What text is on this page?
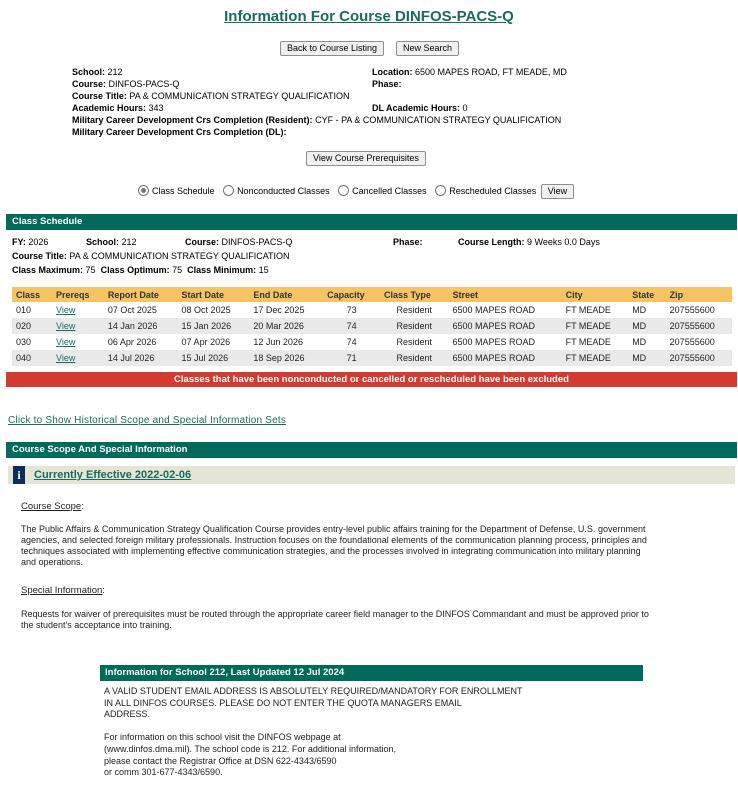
Information For Course DINFOS-PACS-Q
Back to Course Listing	New Search
School: 212	Location: 6500 MAPES ROAD, FT MEADE, MD
Course: DINFOS-PACS-Q	Phase:
Course Title: PA & COMMUNICATION STRATEGY QUALIFICATION
Academic Hours: 343	DL Academic Hours: 0
Military Career Development Crs Completion (Resident): CYF - PA & COMMUNICATION STRATEGY QUALIFICATION
Military Career Development Crs Completion (DL):
View Course Prerequisites
Class Schedule	Nonconducted Classes	Cancelled Classes	Rescheduled Classes View
Class Schedule
FY: 2026	School: 212	Course: DINFOS-PACS-Q	Phase:	Course Length: 9 Weeks 0.0 Days
Course Title: PA & COMMUNICATION STRATEGY QUALIFICATION
Class Maximum: 75 Class Optimum: 75 Class Minimum: 15
Class	Prereqs	Report Date	Start Date	End Date	Capacity	Class Type	Street	City	State	Zip
010	View	07 Oct 2025	08 Oct 2025	17 Dec 2025	73	Resident	6500 MAPES ROAD	FT MEADE	MD	207555600
020	View	14 Jan 2026	15 Jan 2026	20 Mar 2026	74	Resident	6500 MAPES ROAD	FT MEADE	MD	207555600
030	View	06 Apr 2026	07 Apr 2026	12 Jun 2026	74	Resident	6500 MAPES ROAD	FT MEADE	MD	207555600
040	View	14 Jul 2026	15 Jul 2026	18 Sep 2026	71	Resident	6500 MAPES ROAD	FT MEADE	MD	207555600
Classes that have been nonconducted or cancelled or rescheduled have been excluded
Click to Show Historical Scope and Special Information Sets
Course Scope And Special Information
i	Currently Effective 2022-02-06
Course Scope:
The Public Affairs & Communication Strategy Qualification Course provides entry-level public affairs training for the Department of Defense, U.S. government
agencies, and selected foreign military professionals. Instruction focuses on the foundational elements of the communication planning process, principles and
techniques associated with implementing effective communication strategies, and the processes involved in integrating communication into military planning
and operations.
Special Information:
Requests for waiver of prerequisites must be routed through the appropriate career field manager to the DINFOS Commandant and must be approved prior to
the student's acceptance into training.
Information for School 212, Last Updated 12 Jul 2024
A VALID STUDENT EMAIL ADDRESS IS ABSOLUTELY REQUIRED/MANDATORY FOR ENROLLMENT
IN ALL DINFOS COURSES. PLEASE DO NOT ENTER THE QUOTA MANAGERS EMAIL
ADDRESS.
For information on this school visit the DINFOS webpage at
(www.dinfos.dma.mil). The school code is 212. For additional information,
please contact the Registrar Office at DSN 622-4343/6590
or comm 301-677-4343/6590.
